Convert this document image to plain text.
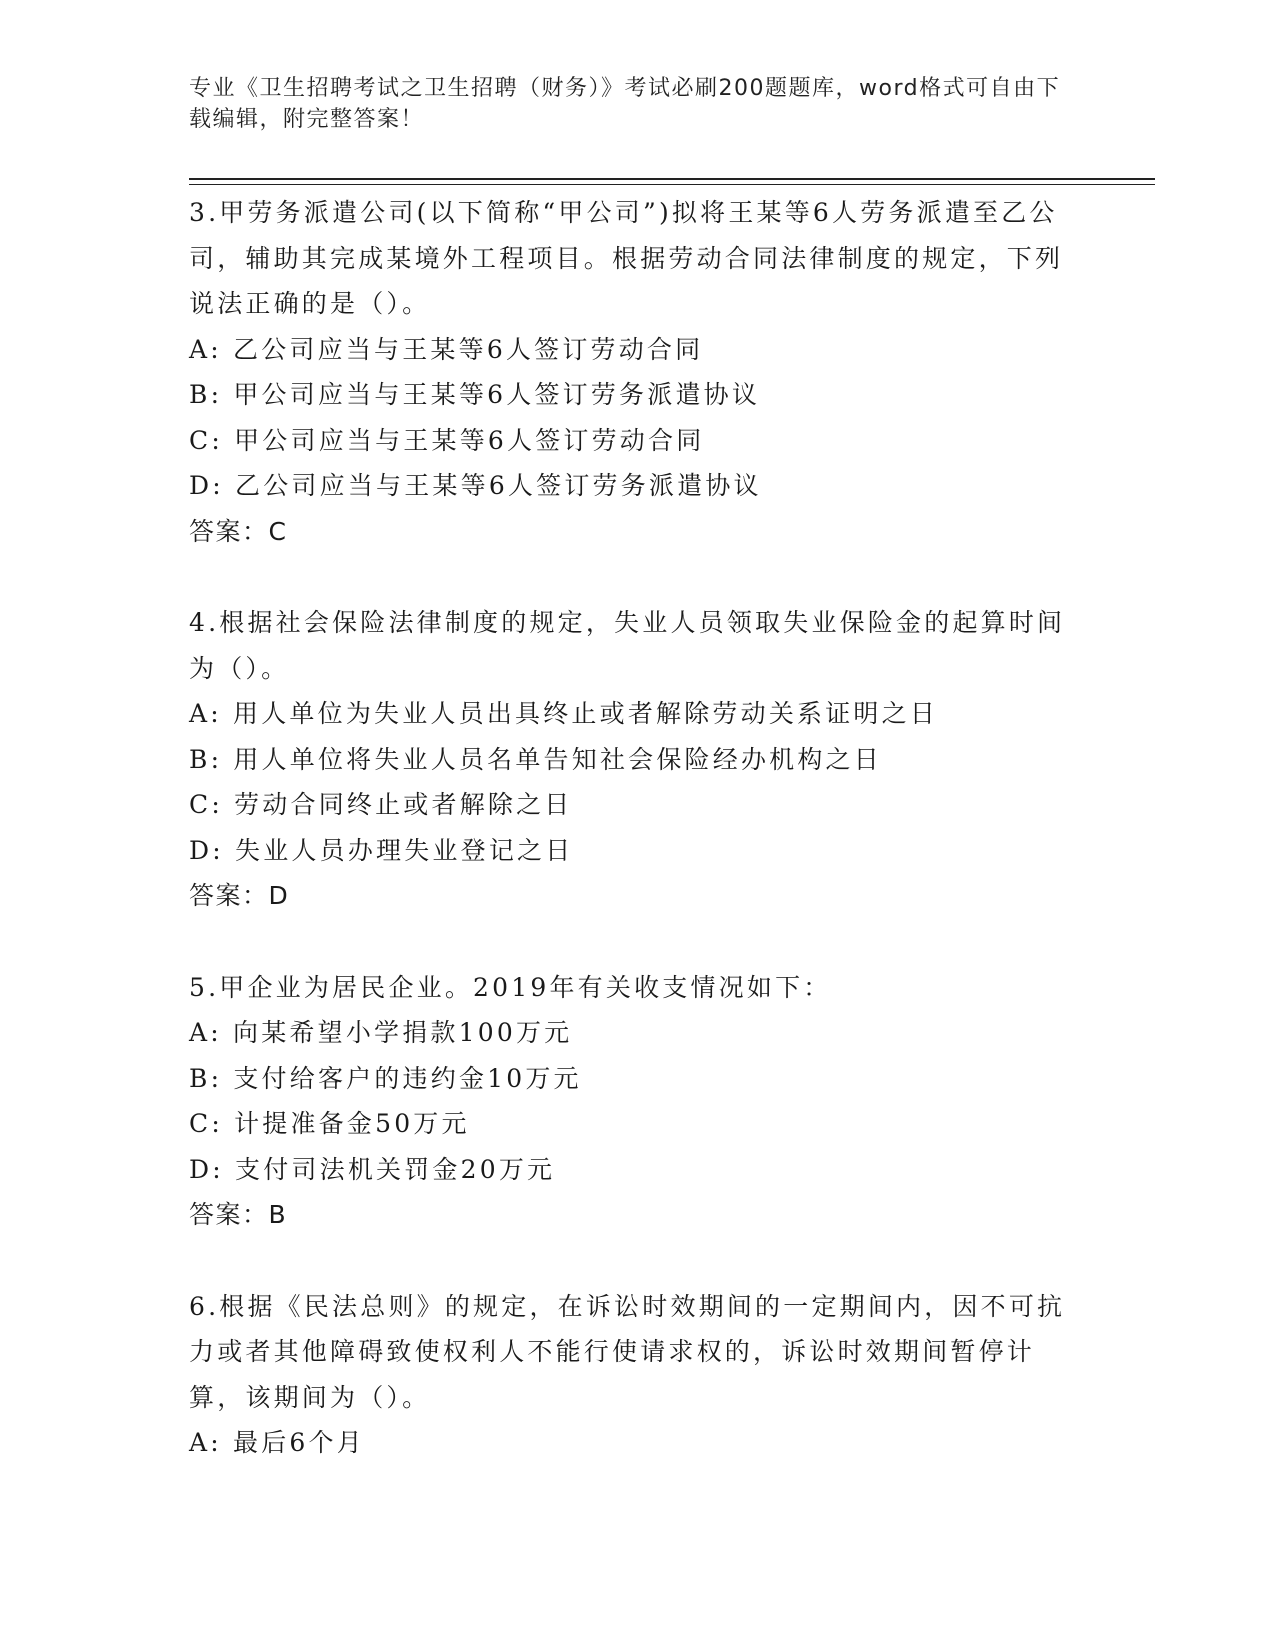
专业《卫生招聘考试之卫生招聘（财务）》考试必刷200题题库，word格式可自由下载编辑，附完整答案！

3.甲劳务派遣公司(以下简称“甲公司”)拟将王某等6人劳务派遣至乙公司，辅助其完成某境外工程项目。根据劳动合同法律制度的规定，下列说法正确的是（）。

A: 乙公司应当与王某等6人签订劳动合同

B: 甲公司应当与王某等6人签订劳务派遣协议

C: 甲公司应当与王某等6人签订劳动合同

D: 乙公司应当与王某等6人签订劳务派遣协议

答案：C

4.根据社会保险法律制度的规定，失业人员领取失业保险金的起算时间为（）。

A: 用人单位为失业人员出具终止或者解除劳动关系证明之日

B: 用人单位将失业人员名单告知社会保险经办机构之日

C: 劳动合同终止或者解除之日

D: 失业人员办理失业登记之日

答案：D

5.甲企业为居民企业。2019年有关收支情况如下：

A: 向某希望小学捐款100万元

B: 支付给客户的违约金10万元

C: 计提准备金50万元

D: 支付司法机关罚金20万元

答案：B

6.根据《民法总则》的规定，在诉讼时效期间的一定期间内，因不可抗力或者其他障碍致使权利人不能行使请求权的，诉讼时效期间暂停计算，该期间为（）。

A: 最后6个月
